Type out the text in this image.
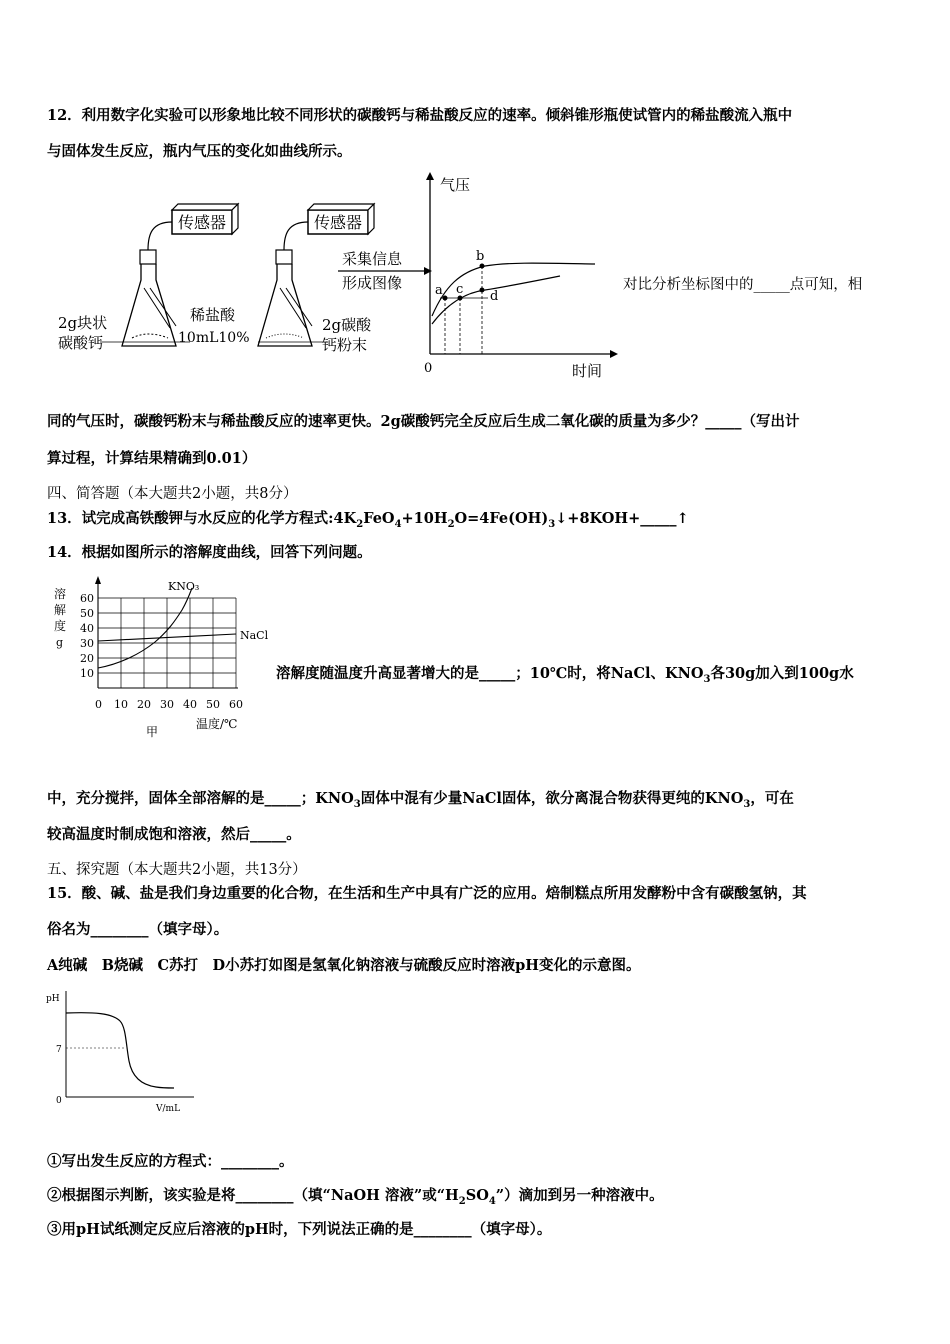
12．利用数字化实验可以形象地比较不同形状的碳酸钙与稀盐酸反应的速率。倾斜锥形瓶使试管内的稀盐酸流入瓶中
与固体发生反应，瓶内气压的变化如曲线所示。
传感器
2g块状
碳酸钙
稀盐酸
10mL10%
传感器
2g碳酸
钙粉末
采集信息
形成图像
气压
时间
0
a
b
c d
对比分析坐标图中的_____点可知，相
同的气压时，碳酸钙粉末与稀盐酸反应的速率更快。2g碳酸钙完全反应后生成二氧化碳的质量为多少？_____（写出计
算过程，计算结果精确到0.01）
四、简答题（本大题共2小题，共8分）
13．试完成高铁酸钾与水反应的化学方程式$:4K_2FeO_4+10H_2O=4Fe(OH)_3↓+8KOH+\_\_\_\_\_↑$
14．根据如图所示的溶解度曲线，回答下列问题。
溶
解
度
g
60
50
40
30
20
10
0 10 20 30 40 50 60
温度/℃
甲
KNO₃
NaCl
溶解度随温度升高显著增大的是_____；10℃时，将NaCl、$KNO_3$各30g加入到100g水
中，充分搅拌，固体全部溶解的是_____；$KNO_3$固体中混有少量NaCl固体，欲分离混合物获得更纯的$KNO_3$，可在
较高温度时制成饱和溶液，然后_____。
五、探究题（本大题共2小题，共13分）
15．酸、碱、盐是我们身边重要的化合物，在生活和生产中具有广泛的应用。焙制糕点所用发酵粉中含有碳酸氢钠，其
俗名为________（填字母）。
A纯碱　B烧碱　C苏打　D小苏打如图是氢氧化钠溶液与硫酸反应时溶液pH变化的示意图。
pH
7
0
V/mL
①写出发生反应的方程式：________。
②根据图示判断，该实验是将________（填“NaOH 溶液”或“$H_2SO_4$”）滴加到另一种溶液中。
③用pH试纸测定反应后溶液的pH时，下列说法正确的是________（填字母）。
